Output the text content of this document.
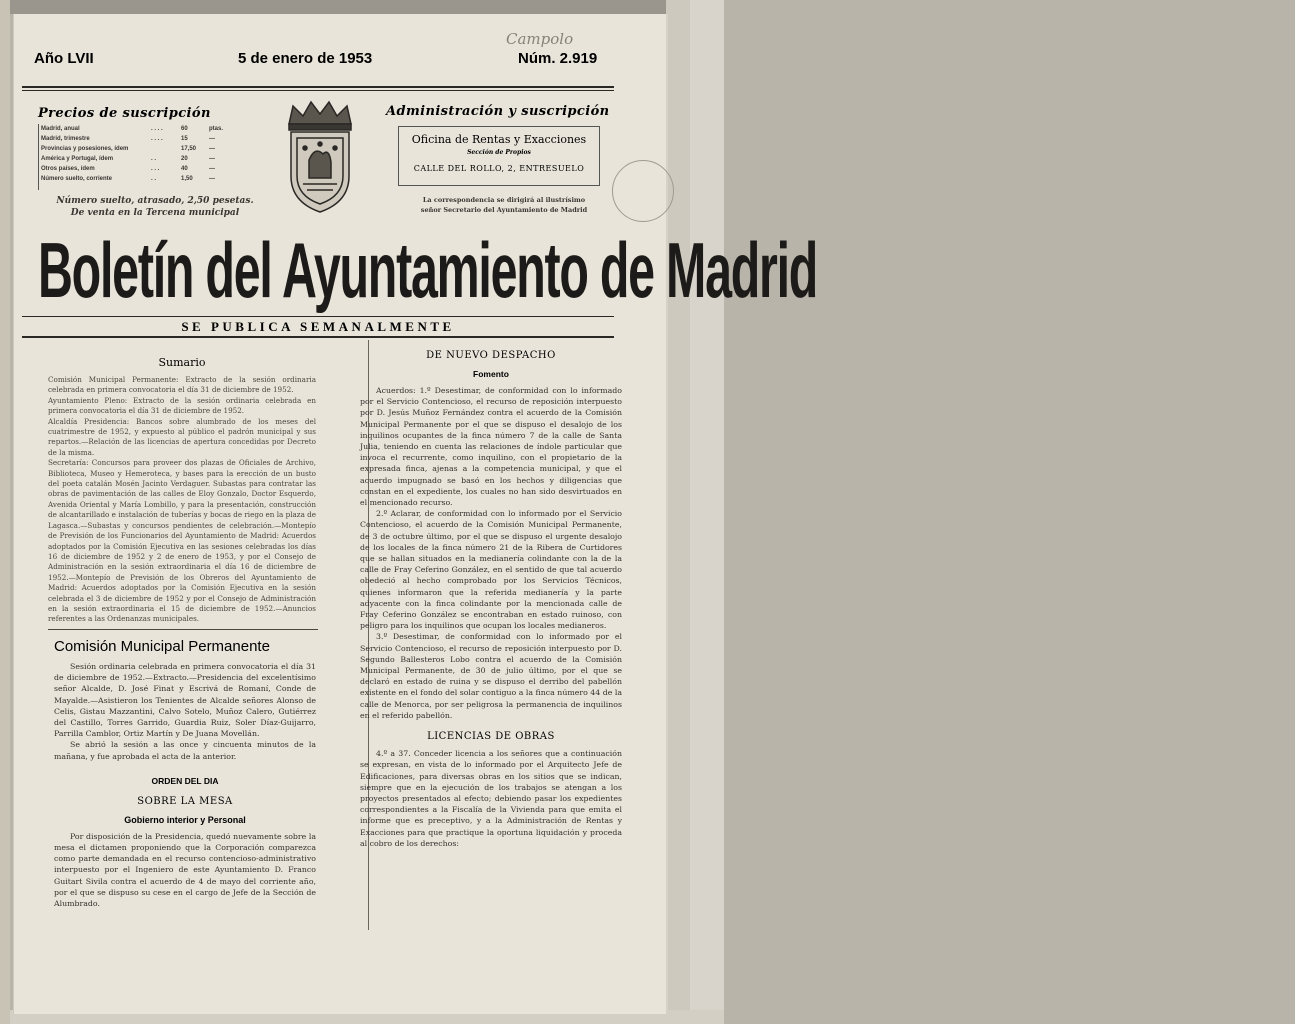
Campolo
Año LVII	5 de enero de 1953	Núm. 2.919
Precios de suscripción
Madrid, anual	. . . .	60	ptas.
Madrid, trimestre	. . . .	15	—
Provincias y posesiones, ídem	17,50	—
América y Portugal, ídem	. .	20	—
Otros países, ídem	. . .	40	—
Número suelto, corriente	. .	1,50	—
Número suelto, atrasado, 2,50 pesetas.
De venta en la Tercena municipal
Administración y suscripción
Oficina de Rentas y Exacciones
Sección de Propios
CALLE DEL ROLLO, 2, ENTRESUELO
La correspondencia se dirigirá al ilustrísimo
señor Secretario del Ayuntamiento de Madrid
Boletín del Ayuntamiento de Madrid
SE PUBLICA SEMANALMENTE
Sumario

Comisión Municipal Permanente: Extracto de la sesión ordinaria celebrada en primera convocatoria el día 31 de diciembre de 1952.

Ayuntamiento Pleno: Extracto de la sesión ordinaria celebrada en primera convocatoria el día 31 de diciembre de 1952.

Alcaldía Presidencia: Bancos sobre alumbrado de los meses del cuatrimestre de 1952, y expuesto al público el padrón municipal y sus repartos.—Relación de las licencias de apertura concedidas por Decreto de la misma.

Secretaría: Concursos para proveer dos plazas de Oficiales de Archivo, Biblioteca, Museo y Hemeroteca, y bases para la erección de un busto del poeta catalán Mosén Jacinto Verdaguer. Subastas para contratar las obras de pavimentación de las calles de Eloy Gonzalo, Doctor Esquerdo, Avenida Oriental y María Lombillo, y para la presentación, construcción de alcantarillado e instalación de tuberías y bocas de riego en la plaza de Lagasca.—Subastas y concursos pendientes de celebración.—Montepío de Previsión de los Funcionarios del Ayuntamiento de Madrid: Acuerdos adoptados por la Comisión Ejecutiva en las sesiones celebradas los días 16 de diciembre de 1952 y 2 de enero de 1953, y por el Consejo de Administración en la sesión extraordinaria el día 16 de diciembre de 1952.—Montepío de Previsión de los Obreros del Ayuntamiento de Madrid: Acuerdos adoptados por la Comisión Ejecutiva en la sesión celebrada el 3 de diciembre de 1952 y por el Consejo de Administración en la sesión extraordinaria el 15 de diciembre de 1952.—Anuncios referentes a las Ordenanzas municipales.

Comisión Municipal Permanente

Sesión ordinaria celebrada en primera convocatoria el día 31 de diciembre de 1952.—Extracto.—Presidencia del excelentísimo señor Alcalde, D. José Finat y Escrivá de Romaní, Conde de Mayalde.—Asistieron los Tenientes de Alcalde señores Alonso de Celis, Gistau Mazzantini, Calvo Sotelo, Muñoz Calero, Gutiérrez del Castillo, Torres Garrido, Guardia Ruiz, Soler Díaz-Guijarro, Parrilla Camblor, Ortiz Martín y De Juana Movellán.

Se abrió la sesión a las once y cincuenta minutos de la mañana, y fue aprobada el acta de la anterior.

ORDEN DEL DIA
SOBRE LA MESA
Gobierno interior y Personal

Por disposición de la Presidencia, quedó nuevamente sobre la mesa el dictamen proponiendo que la Corporación comparezca como parte demandada en el recurso contencioso-administrativo interpuesto por el Ingeniero de este Ayuntamiento D. Franco Guitart Sivila contra el acuerdo de 4 de mayo del corriente año, por el que se dispuso su cese en el cargo de Jefe de la Sección de Alumbrado.

DE NUEVO DESPACHO
Fomento

Acuerdos: 1.º Desestimar, de conformidad con lo informado por el Servicio Contencioso, el recurso de reposición interpuesto por D. Jesús Muñoz Fernández contra el acuerdo de la Comisión Municipal Permanente por el que se dispuso el desalojo de los inquilinos ocupantes de la finca número 7 de la calle de Santa Julia, teniendo en cuenta las relaciones de índole particular que invoca el recurrente, como inquilino, con el propietario de la expresada finca, ajenas a la competencia municipal, y que el acuerdo impugnado se basó en los hechos y diligencias que constan en el expediente, los cuales no han sido desvirtuados en el mencionado recurso.

2.º Aclarar, de conformidad con lo informado por el Servicio Contencioso, el acuerdo de la Comisión Municipal Permanente, de 3 de octubre último, por el que se dispuso el urgente desalojo de los locales de la finca número 21 de la Ribera de Curtidores que se hallan situados en la medianería colindante con la de la calle de Fray Ceferino González, en el sentido de que tal acuerdo obedeció al hecho comprobado por los Servicios Técnicos, quienes informaron que la referida medianería y la parte adyacente con la finca colindante por la mencionada calle de Fray Ceferino González se encontraban en estado ruinoso, con peligro para los inquilinos que ocupan los locales medianeros.

3.º Desestimar, de conformidad con lo informado por el Servicio Contencioso, el recurso de reposición interpuesto por D. Segundo Ballesteros Lobo contra el acuerdo de la Comisión Municipal Permanente, de 30 de julio último, por el que se declaró en estado de ruina y se dispuso el derribo del pabellón existente en el fondo del solar contiguo a la finca número 44 de la calle de Menorca, por ser peligrosa la permanencia de inquilinos en el referido pabellón.

LICENCIAS DE OBRAS

4.º a 37. Conceder licencia a los señores que a continuación se expresan, en vista de lo informado por el Arquitecto Jefe de Edificaciones, para diversas obras en los sitios que se indican, siempre que en la ejecución de los trabajos se atengan a los proyectos presentados al efecto; debiendo pasar los expedientes correspondientes a la Fiscalía de la Vivienda para que emita el informe que es preceptivo, y a la Administración de Rentas y Exacciones para que practique la oportuna liquidación y proceda al cobro de los derechos:
